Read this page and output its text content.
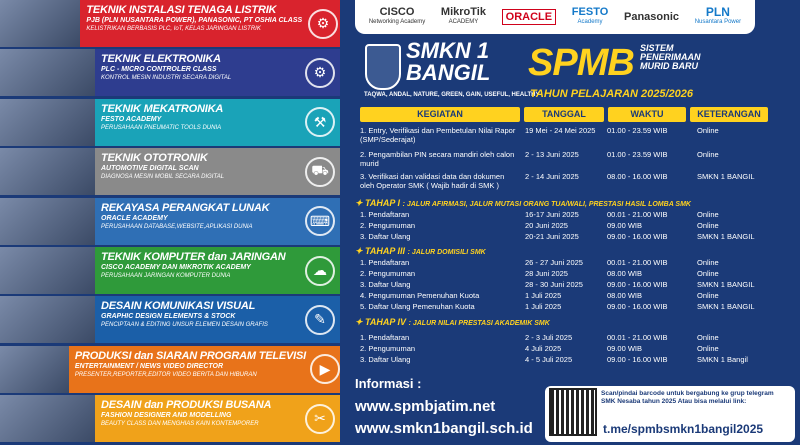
TEKNIK INSTALASI TENAGA LISTRIK
PJB (PLN NUSANTARA POWER), PANASONIC, PT OSHIA CLASS
KELISTRIKAN BERBASIS PLC, IoT, KELAS JARINGAN LISTRIK	⚙
TEKNIK ELEKTRONIKA
PLC - MICRO CONTROLER CLASS
KONTROL MESIN INDUSTRI SECARA DIGITAL	⚙
TEKNIK MEKATRONIKA
FESTO ACADEMY
PERUSAHAAN PNEUMATIC TOOLS DUNIA	⚒
TEKNIK OTOTRONIK
AUTOMOTIVE DIGITAL SCAN
DIAGNOSA MESIN MOBIL SECARA DIGITAL	⛟
REKAYASA PERANGKAT LUNAK
ORACLE ACADEMY
PERUSAHAAN DATABASE,WEBSITE,APLIKASI DUNIA	⌨
TEKNIK KOMPUTER dan JARINGAN
CISCO ACADEMY DAN MIKROTIK ACADEMY
PERUSAHAAN JARINGAN KOMPUTER DUNIA	☁
DESAIN KOMUNIKASI VISUAL
GRAPHIC DESIGN ELEMENTS & STOCK
PENCIPTAAN & EDITING UNSUR ELEMEN DESAIN GRAFIS	✎
PRODUKSI dan SIARAN PROGRAM TELEVISI
ENTERTAINMENT / NEWS VIDEO DIRECTOR
PRESENTER,REPORTER,EDITOR VIDEO BERITA DAN HIBURAN	▶
DESAIN dan PRODUKSI BUSANA
FASHION DESIGNER AND MODELLING
BEAUTY CLASS DAN MENGHIAS KAIN KONTEMPORER	✂
CISCO
Networking Academy
MikroTik
ACADEMY	ORACLE	FESTO
Academy	Panasonic	PLN
Nusantara Power
SMKN 1
BANGIL
TAQWA, ANDAL, NATURE, GREEN, GAIN, USEFUL, HEALTHY
SPMB SISTEM PENERIMAAN MURID BARU
TAHUN PELAJARAN 2025/2026
KEGIATAN	TANGGAL	WAKTU	KETERANGAN
1. Entry, Verifikasi dan Pembetulan Nilai Rapor (SMP/Sederajat)
19 Mei - 24 Mei 2025	01.00 - 23.59 WIB	Online
2. Pengambilan PIN secara mandiri oleh calon murid
2 - 13 Juni 2025	01.00 - 23.59 WIB	Online
3. Verifikasi dan validasi data dan dokumen oleh Operator SMK ( Wajib hadir di SMK )
2 - 14 Juni 2025	08.00 - 16.00 WIB	SMKN 1 BANGIL
✦ TAHAP I : JALUR AFIRMASI, JALUR MUTASI ORANG TUA/WALI, PRESTASI HASIL LOMBA SMK
1. Pendaftaran	16-17 Juni 2025	00.01 - 21.00 WIB	Online
2. Pengumuman	20 Juni 2025	09.00 WIB	Online
3. Daftar Ulang	20-21 Juni 2025	09.00 - 16.00 WIB	SMKN 1 BANGIL
✦ TAHAP III : JALUR DOMISILI SMK
1. Pendaftaran	26 - 27 Juni 2025	00.01 - 21.00 WIB	Online
2. Pengumuman	28 Juni 2025	08.00 WIB	Online
3. Daftar Ulang	28 - 30 Juni 2025	09.00 - 16.00 WIB	SMKN 1 BANGIL
4. Pengumuman Pemenuhan Kuota	1 Juli 2025	08.00 WIB	Online
5. Daftar Ulang Pemenuhan Kuota	1 Juli 2025	09.00 - 16.00 WIB	SMKN 1 BANGIL
✦ TAHAP IV : JALUR NILAI PRESTASI AKADEMIK SMK
1. Pendaftaran	2 - 3 Juli 2025	00.01 - 21.00 WIB	Online
2. Pengumuman	4 Juli 2025	09.00 WIB	Online
3. Daftar Ulang	4 - 5 Juli 2025	09.00 - 16.00 WIB	SMKN 1 Bangil
Informasi :
www.spmbjatim.net
www.smkn1bangil.sch.id
Scan/pindai barcode untuk bergabung ke grup telegram SMK Nesaba tahun 2025 Atau bisa melalui link:
t.me/spmbsmkn1bangil2025
